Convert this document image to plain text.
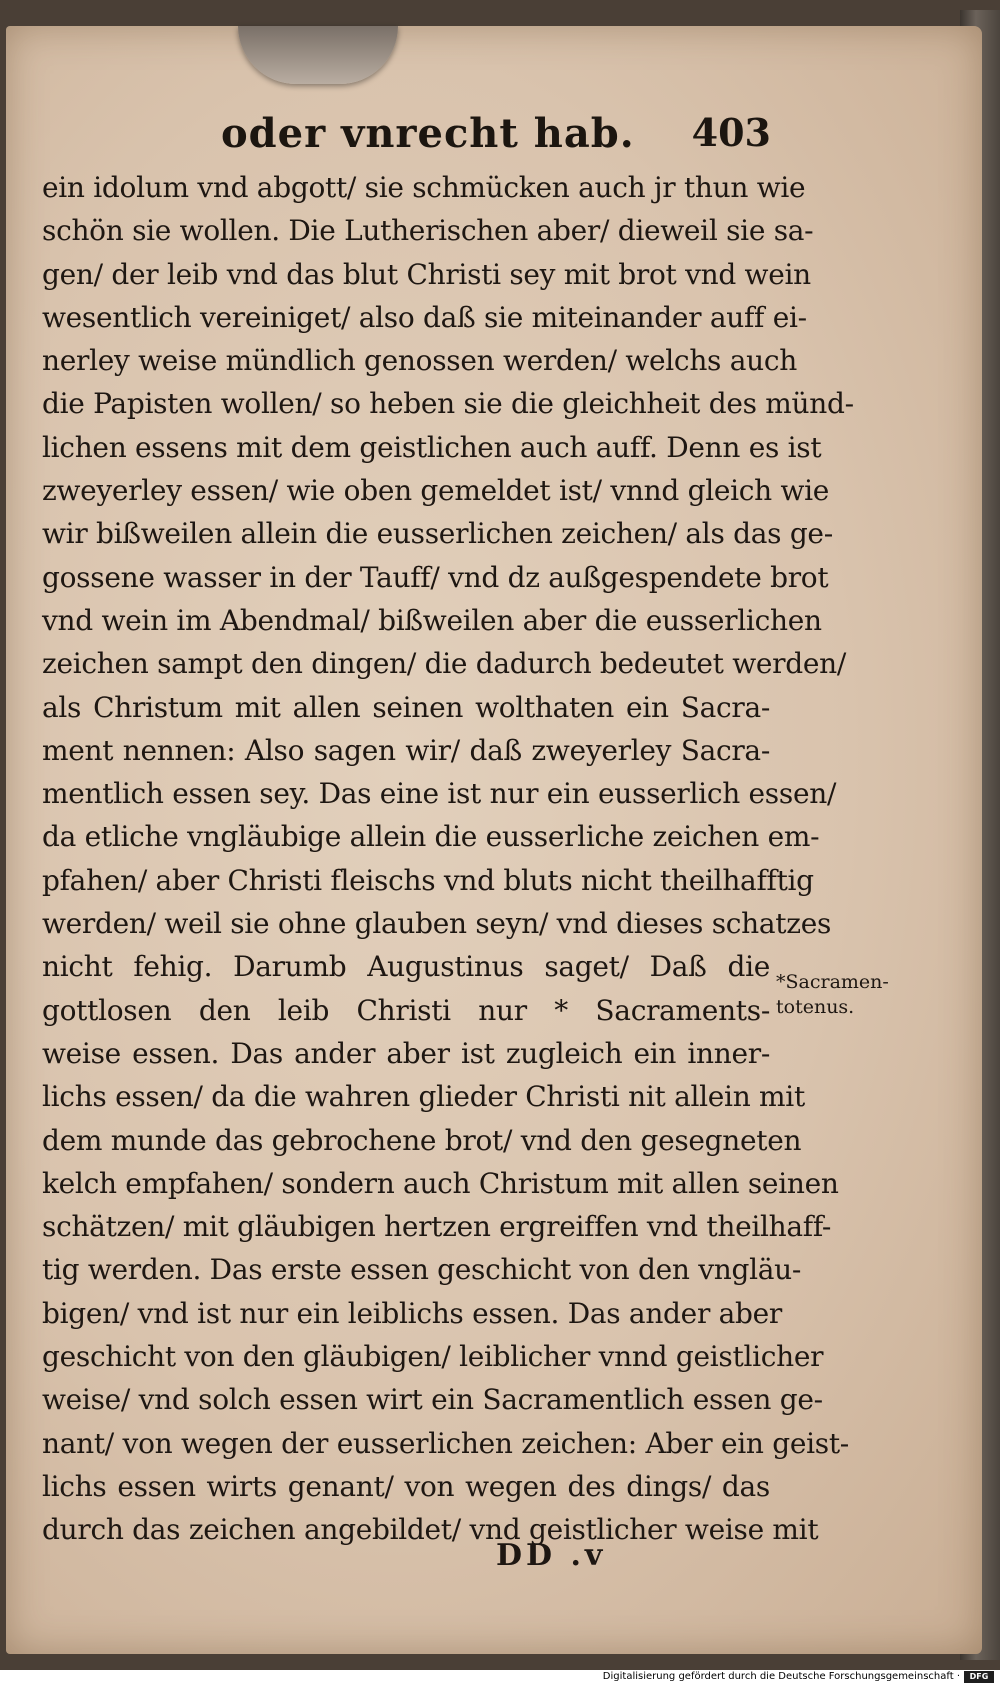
oder vnrecht hab. 403
ein idolum vnd abgott/ sie schmücken auch jr thun wie
schön sie wollen. Die Lutherischen aber/ dieweil sie sa-
gen/ der leib vnd das blut Christi sey mit brot vnd wein
wesentlich vereiniget/ also daß sie miteinander auff ei-
nerley weise mündlich genossen werden/ welchs auch
die Papisten wollen/ so heben sie die gleichheit des münd-
lichen essens mit dem geistlichen auch auff. Denn es ist
zweyerley essen/ wie oben gemeldet ist/ vnnd gleich wie
wir bißweilen allein die eusserlichen zeichen/ als das ge-
gossene wasser in der Tauff/ vnd dz außgespendete brot
vnd wein im Abendmal/ bißweilen aber die eusserlichen
zeichen sampt den dingen/ die dadurch bedeutet werden/
als Christum mit allen seinen wolthaten ein Sacra-
ment nennen: Also sagen wir/ daß zweyerley Sacra-
mentlich essen sey. Das eine ist nur ein eusserlich essen/
da etliche vngläubige allein die eusserliche zeichen em-
pfahen/ aber Christi fleischs vnd bluts nicht theilhafftig
werden/ weil sie ohne glauben seyn/ vnd dieses schatzes
nicht fehig. Darumb Augustinus saget/ Daß die
gottlosen den leib Christi nur * Sacraments-
weise essen. Das ander aber ist zugleich ein inner-
lichs essen/ da die wahren glieder Christi nit allein mit
dem munde das gebrochene brot/ vnd den gesegneten
kelch empfahen/ sondern auch Christum mit allen seinen
schätzen/ mit gläubigen hertzen ergreiffen vnd theilhaff-
tig werden. Das erste essen geschicht von den vngläu-
bigen/ vnd ist nur ein leiblichs essen. Das ander aber
geschicht von den gläubigen/ leiblicher vnnd geistlicher
weise/ vnd solch essen wirt ein Sacramentlich essen ge-
nant/ von wegen der eusserlichen zeichen: Aber ein geist-
lichs essen wirts genant/ von wegen des dings/ das
durch das zeichen angebildet/ vnd geistlicher weise mit
*Sacramen-
totenus.
DD .v
Digitalisierung gefördert durch die Deutsche Forschungsgemeinschaft ·	DFG
